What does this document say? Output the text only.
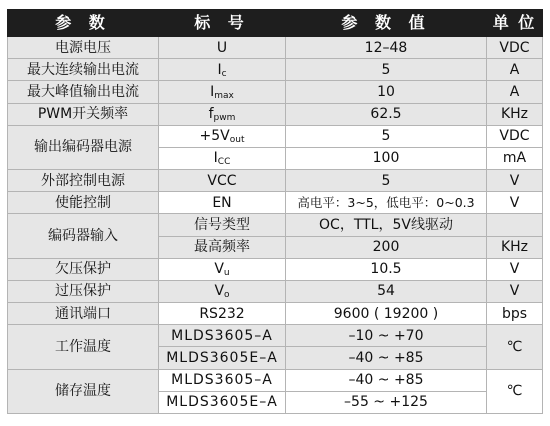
参 数	标 号	参 数 值	单 位
电源电压	U	12–48	VDC
最大连续输出电流	Ic	5	A
最大峰值输出电流	Imax	10	A
PWM开关频率	fpwm	62.5	KHz
输出编码器电源	+5Vout	5	VDC
	ICC	100	mA
外部控制电源	VCC	5	V
使能控制	EN	高电平：3~5，低电平：0~0.3	V
编码器输入	信号类型	OC，TTL，5V线驱动	
	最高频率	200	KHz
欠压保护	Vu	10.5	V
过压保护	Vo	54	V
通讯端口	RS232	9600 ( 19200 )	bps
工作温度	MLDS3605–A	–10 ~ +70	℃
	MLDS3605E–A	–40 ~ +85	
储存温度	MLDS3605–A	–40 ~ +85	℃
	MLDS3605E–A	–55 ~ +125	
